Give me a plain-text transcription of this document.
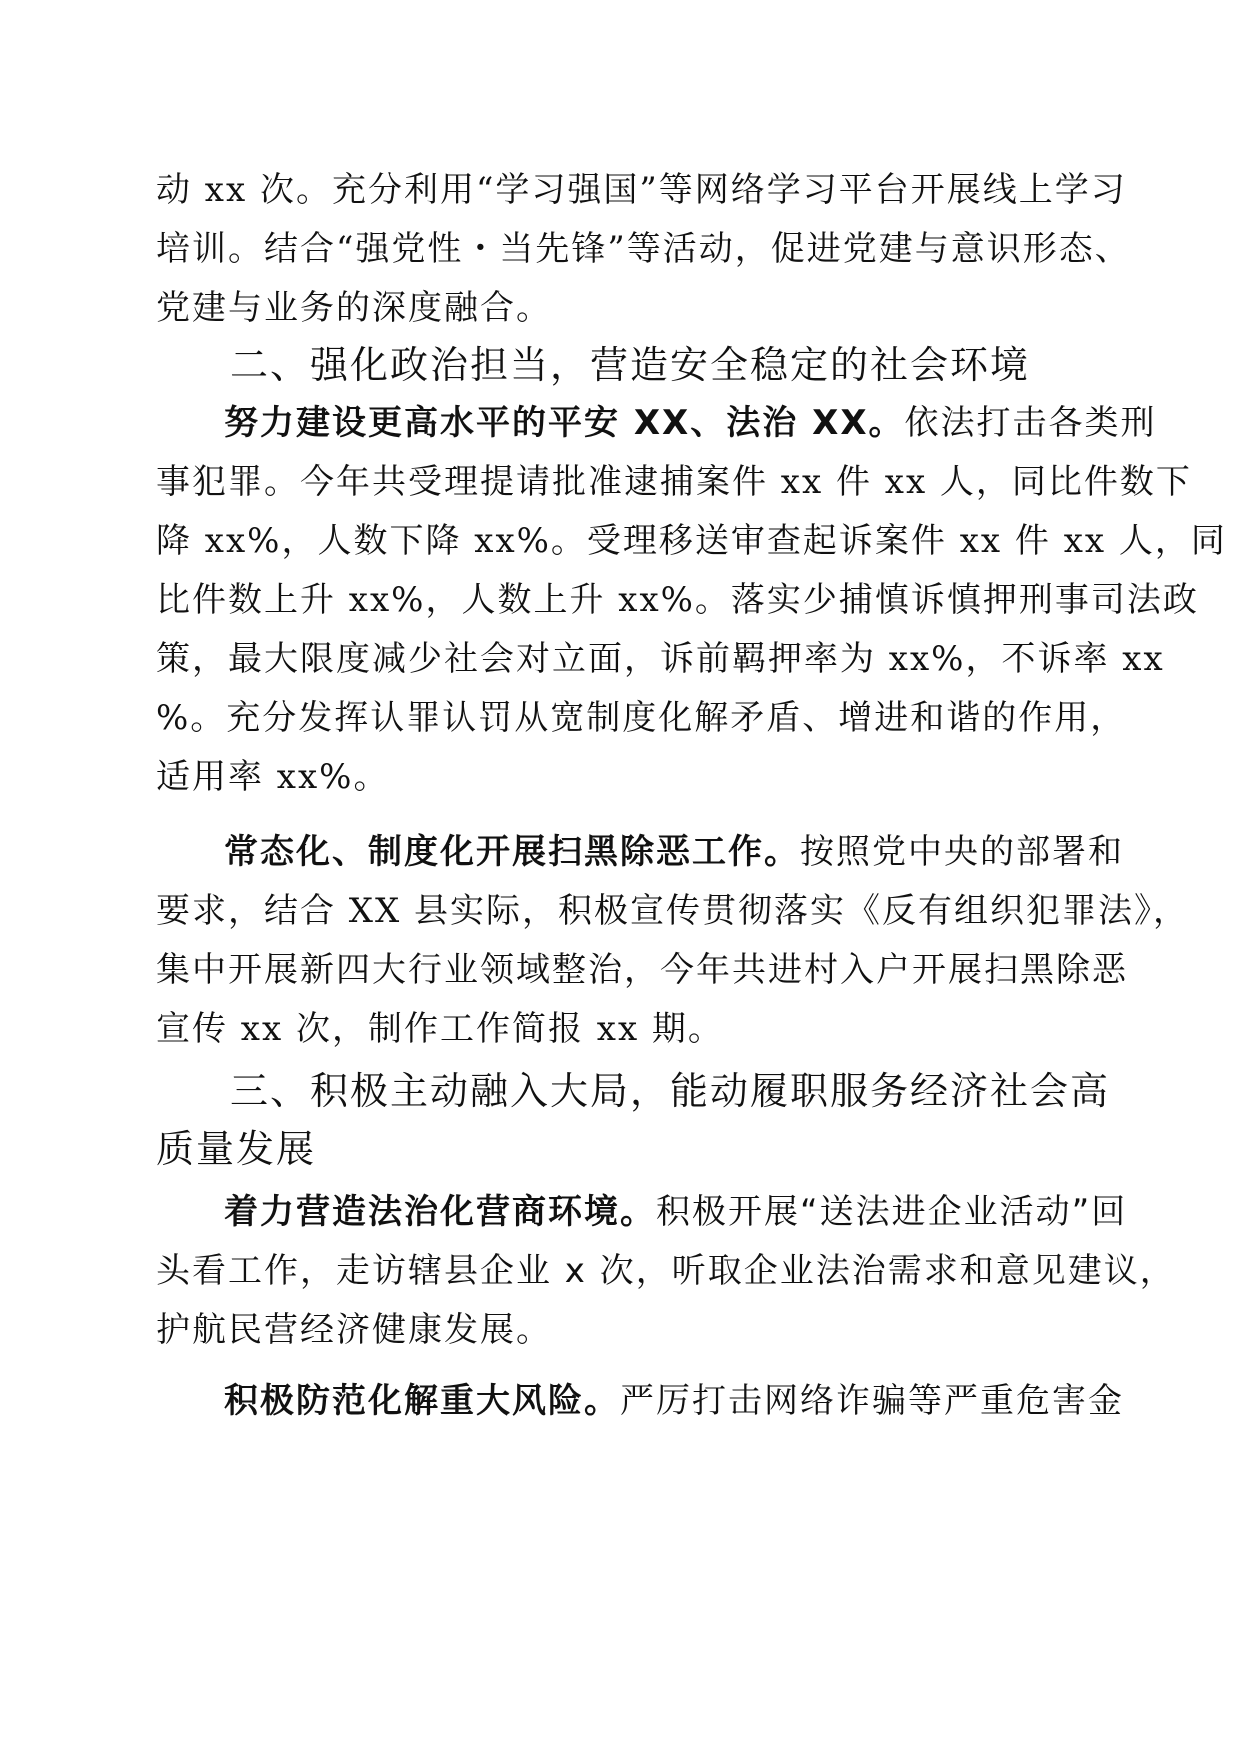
动 xx 次。充分利用“学习强国”等网络学习平台开展线上学习
培训。结合“强党性・当先锋”等活动，促进党建与意识形态、
党建与业务的深度融合。
二、强化政治担当，营造安全稳定的社会环境
努力建设更高水平的平安 XX、法治 XX。依法打击各类刑
事犯罪。今年共受理提请批准逮捕案件 xx 件 xx 人，同比件数下
降 xx%，人数下降 xx%。受理移送审查起诉案件 xx 件 xx 人，同
比件数上升 xx%，人数上升 xx%。落实少捕慎诉慎押刑事司法政
策，最大限度减少社会对立面，诉前羁押率为 xx%，不诉率 xx
%。充分发挥认罪认罚从宽制度化解矛盾、增进和谐的作用，
适用率 xx%。
常态化、制度化开展扫黑除恶工作。按照党中央的部署和
要求，结合 XX 县实际，积极宣传贯彻落实《反有组织犯罪法》，
集中开展新四大行业领域整治，今年共进村入户开展扫黑除恶
宣传 xx 次，制作工作简报 xx 期。
三、积极主动融入大局，能动履职服务经济社会高
质量发展
着力营造法治化营商环境。积极开展“送法进企业活动”回
头看工作，走访辖县企业 x 次，听取企业法治需求和意见建议，
护航民营经济健康发展。
积极防范化解重大风险。严厉打击网络诈骗等严重危害金
